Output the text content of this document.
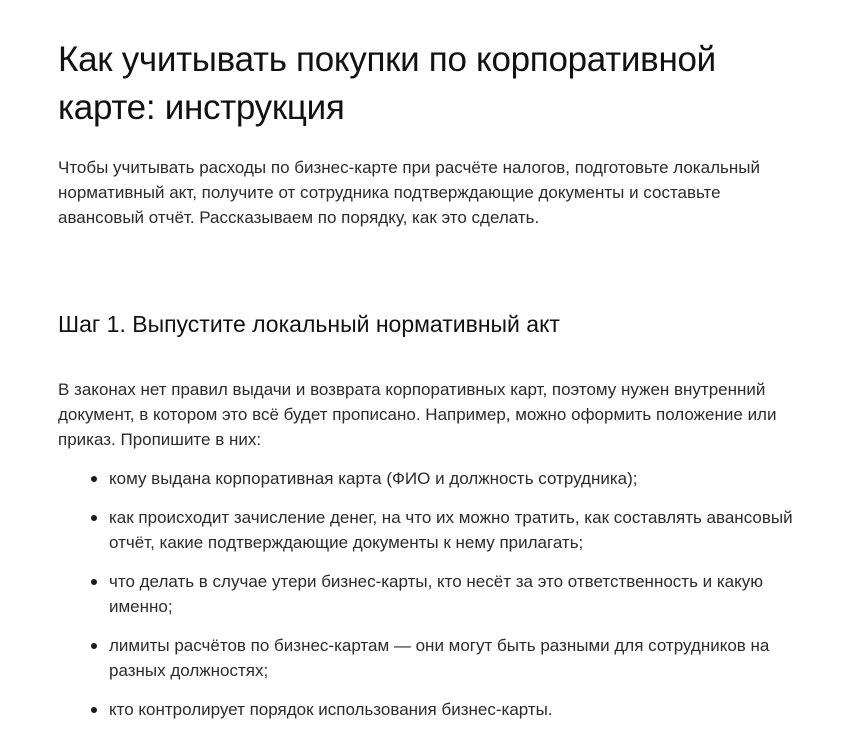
Как учитывать покупки по корпоративной карте: инструкция

Чтобы учитывать расходы по бизнес-карте при расчёте налогов, подготовьте локальный нормативный акт, получите от сотрудника подтверждающие документы и составьте авансовый отчёт. Рассказываем по порядку, как это сделать.

Шаг 1. Выпустите локальный нормативный акт

В законах нет правил выдачи и возврата корпоративных карт, поэтому нужен внутренний документ, в котором это всё будет прописано. Например, можно оформить положение или приказ. Пропишите в них:

кому выдана корпоративная карта (ФИО и должность сотрудника);
как происходит зачисление денег, на что их можно тратить, как составлять авансовый отчёт, какие подтверждающие документы к нему прилагать;
что делать в случае утери бизнес-карты, кто несёт за это ответственность и какую именно;
лимиты расчётов по бизнес-картам — они могут быть разными для сотрудников на разных должностях;
кто контролирует порядок использования бизнес-карты.
